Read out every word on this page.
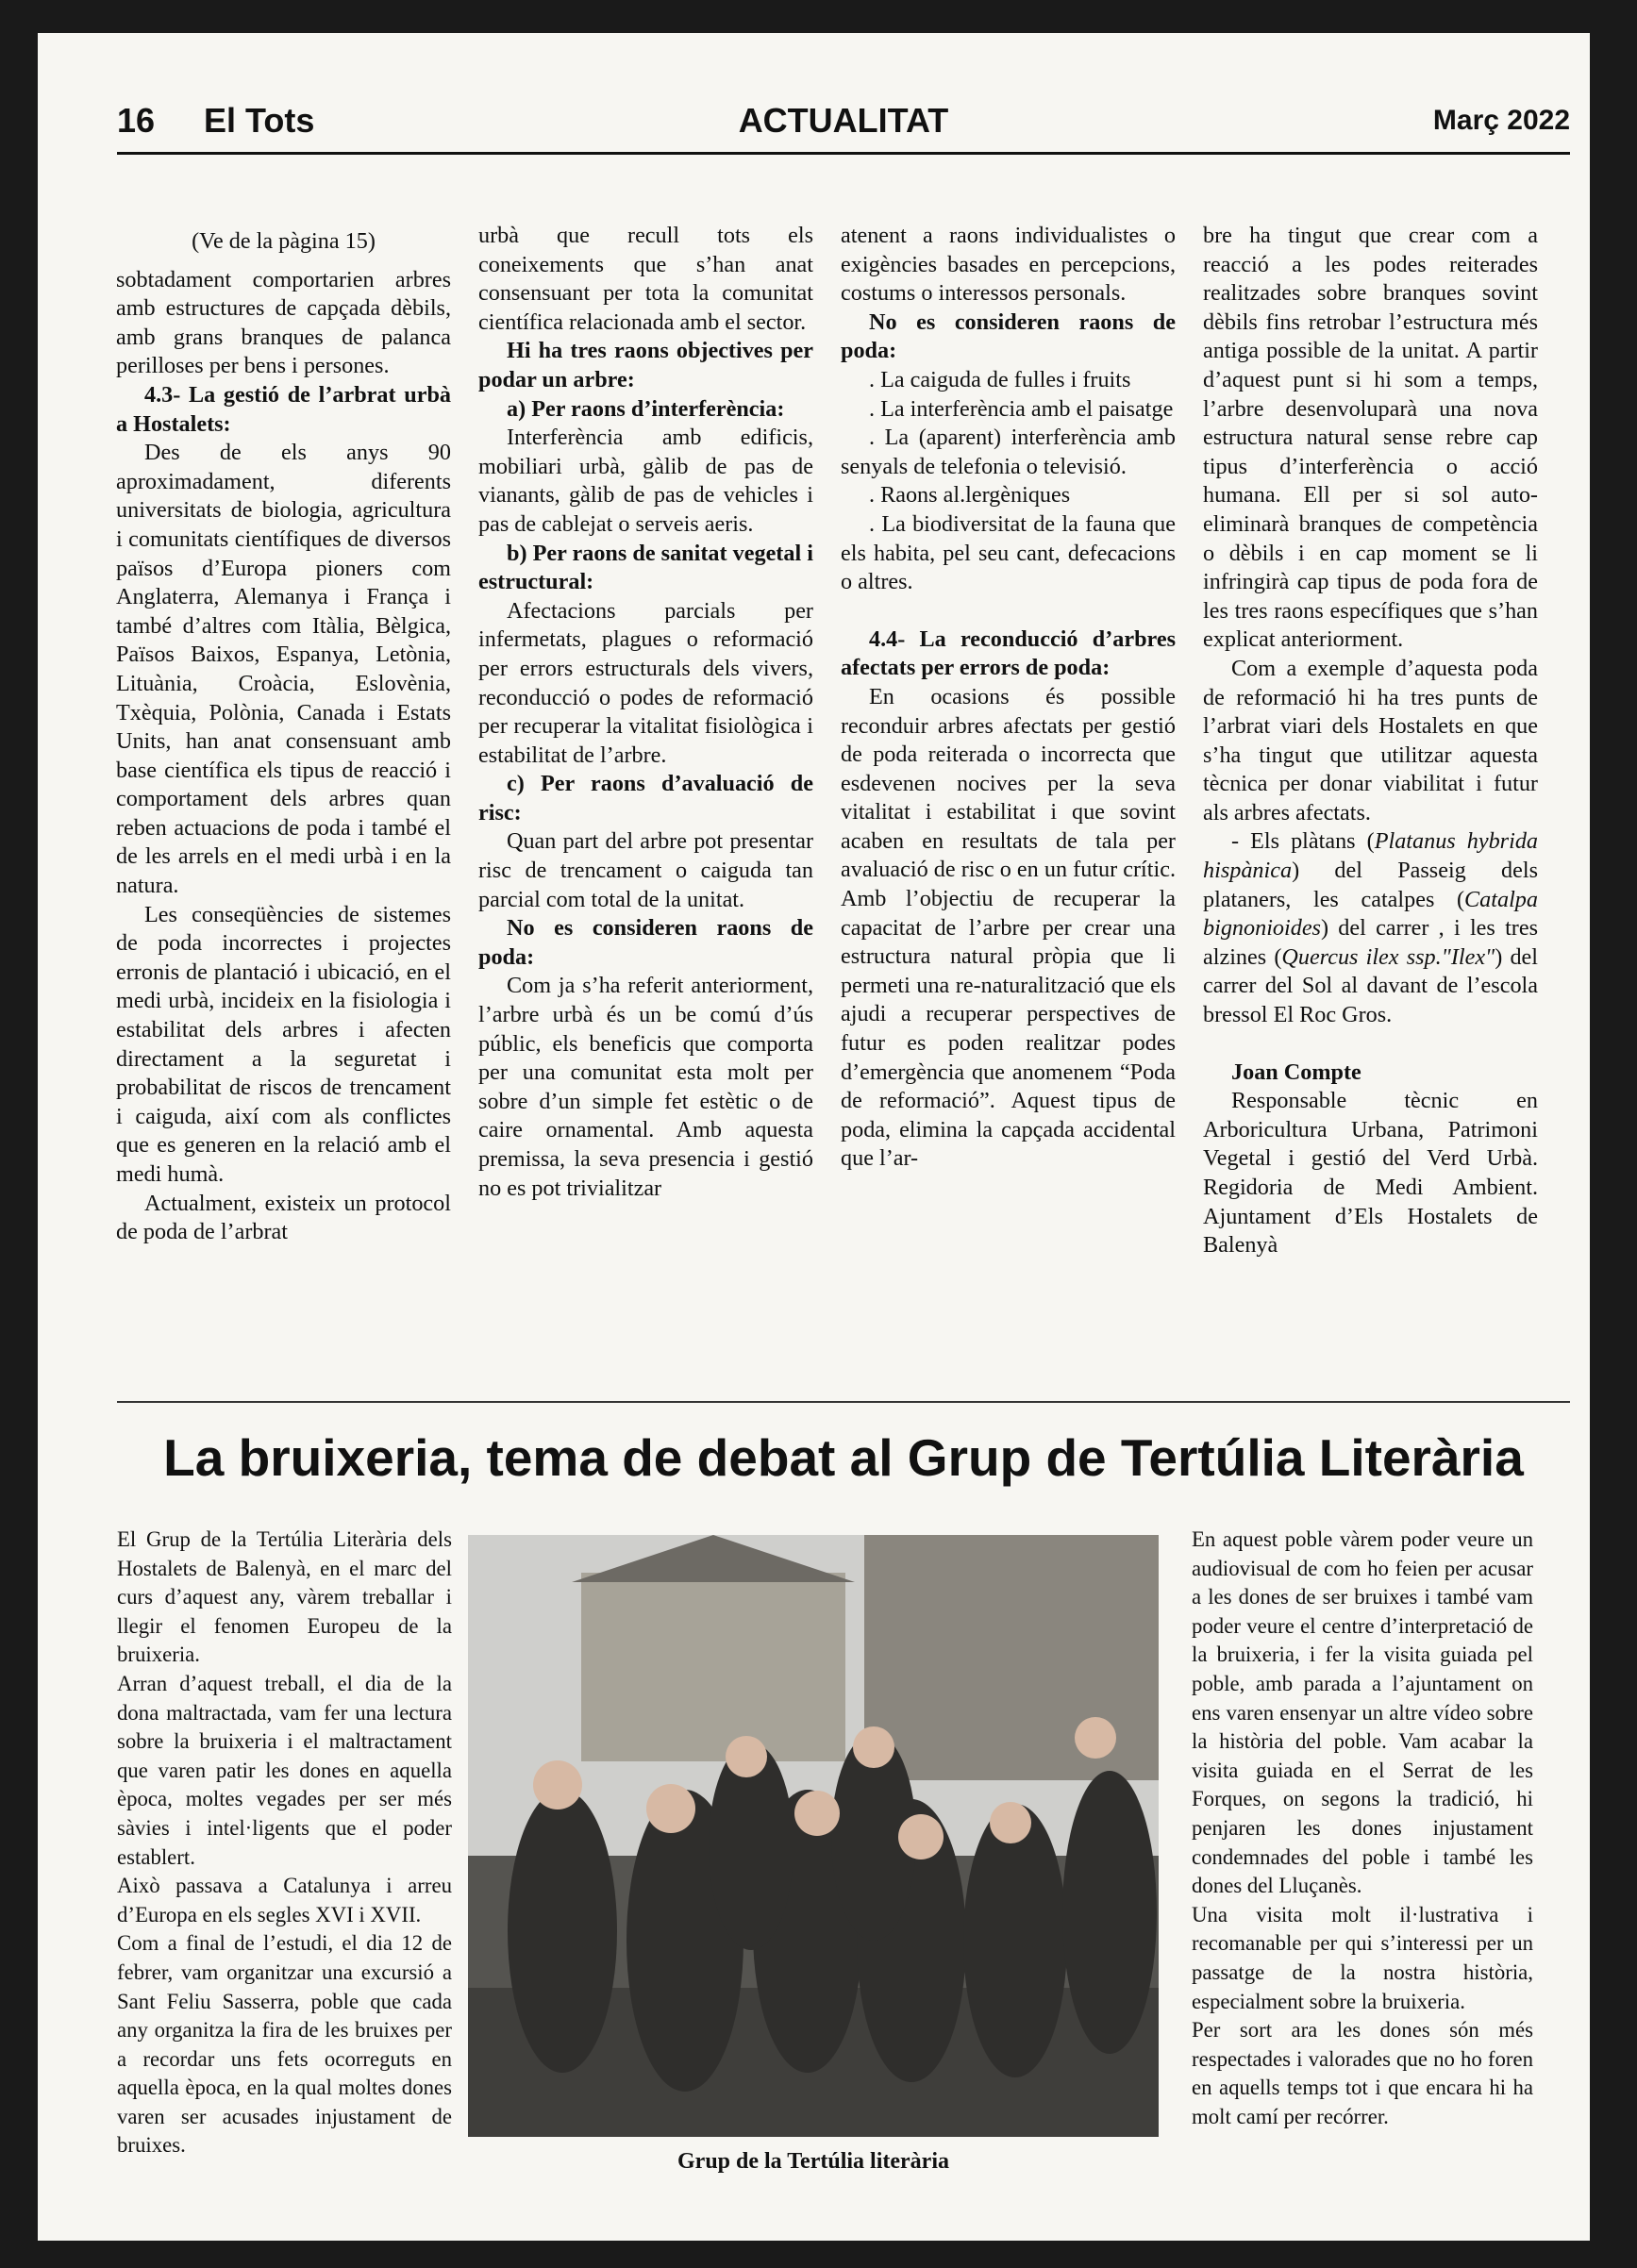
16 El Tots	ACTUALITAT	Març 2022

(Ve de la pàgina 15)

sobtadament comportarien arbres amb estructures de capçada dèbils, amb grans branques de palanca perilloses per bens i persones.

4.3- La gestió de l’arbrat urbà a Hostalets:

Des de els anys 90 aproximadament, diferents universitats de biologia, agricultura i comunitats científiques de diversos països d’Europa pioners com Anglaterra, Alemanya i França i també d’altres com Itàlia, Bèlgica, Països Baixos, Espanya, Letònia, Lituània, Croàcia, Eslovènia, Txèquia, Polònia, Canada i Estats Units, han anat consensuant amb base científica els tipus de reacció i comportament dels arbres quan reben actuacions de poda i també el de les arrels en el medi urbà i en la natura.

Les conseqüències de sistemes de poda incorrectes i projectes erronis de plantació i ubicació, en el medi urbà, incideix en la fisiologia i estabilitat dels arbres i afecten directament a la seguretat i probabilitat de riscos de trencament i caiguda, així com als conflictes que es generen en la relació amb el medi humà.

Actualment, existeix un protocol de poda de l’arbrat

urbà que recull tots els coneixements que s’han anat consensuant per tota la comunitat científica relacionada amb el sector.

Hi ha tres raons objectives per podar un arbre:

a) Per raons d’interferència:

Interferència amb edificis, mobiliari urbà, gàlib de pas de vianants, gàlib de pas de vehicles i pas de cablejat o serveis aeris.

b) Per raons de sanitat vegetal i estructural:

Afectacions parcials per infermetats, plagues o reformació per errors estructurals dels vivers, reconducció o podes de reformació per recuperar la vitalitat fisiològica i estabilitat de l’arbre.

c) Per raons d’avaluació de risc:

Quan part del arbre pot presentar risc de trencament o caiguda tan parcial com total de la unitat.

No es consideren raons de poda:

Com ja s’ha referit anteriorment, l’arbre urbà és un be comú d’ús públic, els beneficis que comporta per una comunitat esta molt per sobre d’un simple fet estètic o de caire ornamental. Amb aquesta premissa, la seva presencia i gestió no es pot trivialitzar

atenent a raons individualistes o exigències basades en percepcions, costums o interessos personals.

No es consideren raons de poda:

. La caiguda de fulles i fruits

. La interferència amb el paisatge

. La (aparent) interferència amb senyals de telefonia o televisió.

. Raons al.lergèniques

. La biodiversitat de la fauna que els habita, pel seu cant, defecacions o altres.

4.4- La reconducció d’arbres afectats per errors de poda:

En ocasions és possible reconduir arbres afectats per gestió de poda reiterada o incorrecta que esdevenen nocives per la seva vitalitat i estabilitat i que sovint acaben en resultats de tala per avaluació de risc o en un futur crític. Amb l’objectiu de recuperar la capacitat de l’arbre per crear una estructura natural pròpia que li permeti una re-naturalització que els ajudi a recuperar perspectives de futur es poden realitzar podes d’emergència que anomenem “Poda de reformació”. Aquest tipus de poda, elimina la capçada accidental que l’ar-

bre ha tingut que crear com a reacció a les podes reiterades realitzades sobre branques sovint dèbils fins retrobar l’estructura més antiga possible de la unitat. A partir d’aquest punt si hi som a temps, l’arbre desenvoluparà una nova estructura natural sense rebre cap tipus d’interferència o acció humana. Ell per si sol auto-eliminarà branques de competència o dèbils i en cap moment se li infringirà cap tipus de poda fora de les tres raons específiques que s’han explicat anteriorment.

Com a exemple d’aquesta poda de reformació hi ha tres punts de l’arbrat viari dels Hostalets en que s’ha tingut que utilitzar aquesta tècnica per donar viabilitat i futur als arbres afectats.

- Els plàtans (Platanus hybrida hispànica) del Passeig dels plataners, les catalpes (Catalpa bignonioides) del carrer , i les tres alzines (Quercus ilex ssp."Ilex") del carrer del Sol al davant de l’escola bressol El Roc Gros.

Joan Compte

Responsable tècnic en Arboricultura Urbana, Patrimoni Vegetal i gestió del Verd Urbà. Regidoria de Medi Ambient. Ajuntament d’Els Hostalets de Balenyà

La bruixeria, tema de debat al Grup de Tertúlia Literària

El Grup de la Tertúlia Literària dels Hostalets de Balenyà, en el marc del curs d’aquest any, vàrem treballar i llegir el fenomen Europeu de la bruixeria.

Arran d’aquest treball, el dia de la dona maltractada, vam fer una lectura sobre la bruixeria i el maltractament que varen patir les dones en aquella època, moltes vegades per ser més sàvies i intel·ligents que el poder establert.

Això passava a Catalunya i arreu d’Europa en els segles XVI i XVII.

Com a final de l’estudi, el dia 12 de febrer, vam organitzar una excursió a Sant Feliu Sasserra, poble que cada any organitza la fira de les bruixes per a recordar uns fets ocorreguts en aquella època, en la qual moltes dones varen ser acusades injustament de bruixes.

Grup de la Tertúlia literària

En aquest poble vàrem poder veure un audiovisual de com ho feien per acusar a les dones de ser bruixes i també vam poder veure el centre d’interpretació de la bruixeria, i fer la visita guiada pel poble, amb parada a l’ajuntament on ens varen ensenyar un altre vídeo sobre la història del poble. Vam acabar la visita guiada en el Serrat de les Forques, on segons la tradició, hi penjaren les dones injustament condemnades del poble i també les dones del Lluçanès.

Una visita molt il·lustrativa i recomanable per qui s’interessi per un passatge de la nostra història, especialment sobre la bruixeria.

Per sort ara les dones són més respectades i valorades que no ho foren en aquells temps tot i que encara hi ha molt camí per recórrer.
